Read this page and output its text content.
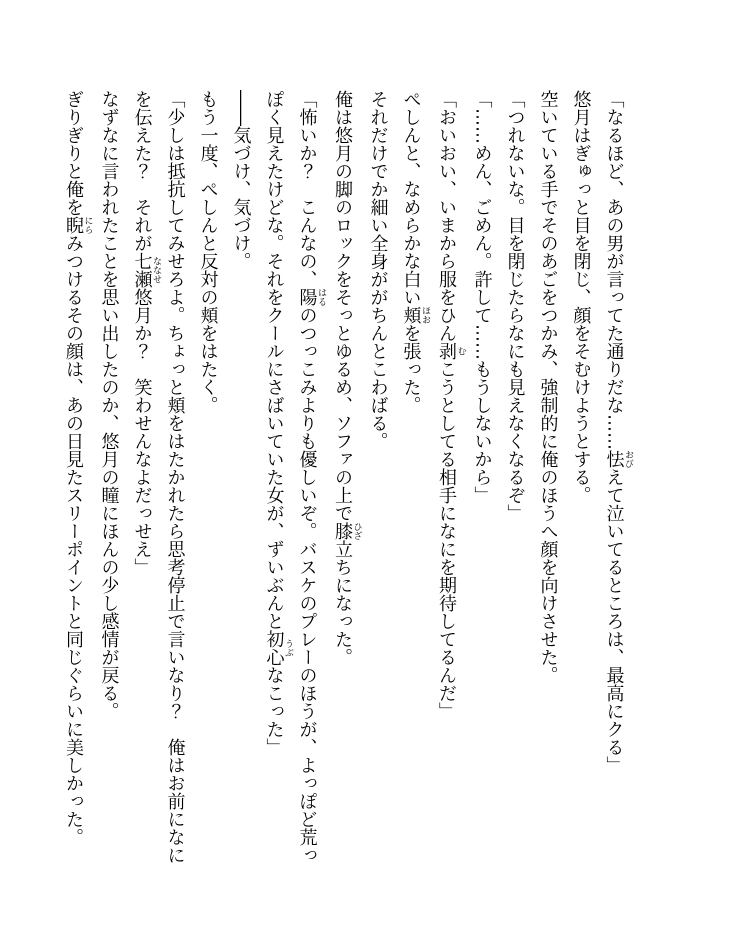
「なるほど、あの男が言ってた通りだな……怯おびえて泣いてるところは、最高にクる」

悠月はぎゅっと目を閉じ、顔をそむけようとする。

空いている手でそのあごをつかみ、強制的に俺のほうへ顔を向けさせた。

「つれないな。目を閉じたらなにも見えなくなるぞ」

「……めん、ごめん。許して……もうしないから」

「おいおい、いまから服をひん剥むこうとしてる相手になにを期待してるんだ」

ぺしんと、なめらかな白い頬ほおを張った。

それだけでか細い全身ががちんとこわばる。

俺は悠月の脚のロックをそっとゆるめ、ソファの上で膝ひざ立ちになった。

「怖いか？　こんなの、陽はるのつっこみよりも優しいぞ。バスケのプレーのほうが、よっぽど荒っぽく見えたけどな。それをクールにさばいていた女が、ずいぶんと初心うぶなこった」

――気づけ、気づけ。

もう一度、ぺしんと反対の頬をはたく。

「少しは抵抗してみせろよ。ちょっと頬をはたかれたら思考停止で言いなり？　俺はお前になにを伝えた？　それが七瀬ななせ悠月か？　笑わせんなよだっせえ」

なずなに言われたことを思い出したのか、悠月の瞳にほんの少し感情が戻る。

ぎりぎりと俺を睨にらみつけるその顔は、あの日見たスリーポイントと同じぐらいに美しかった。
